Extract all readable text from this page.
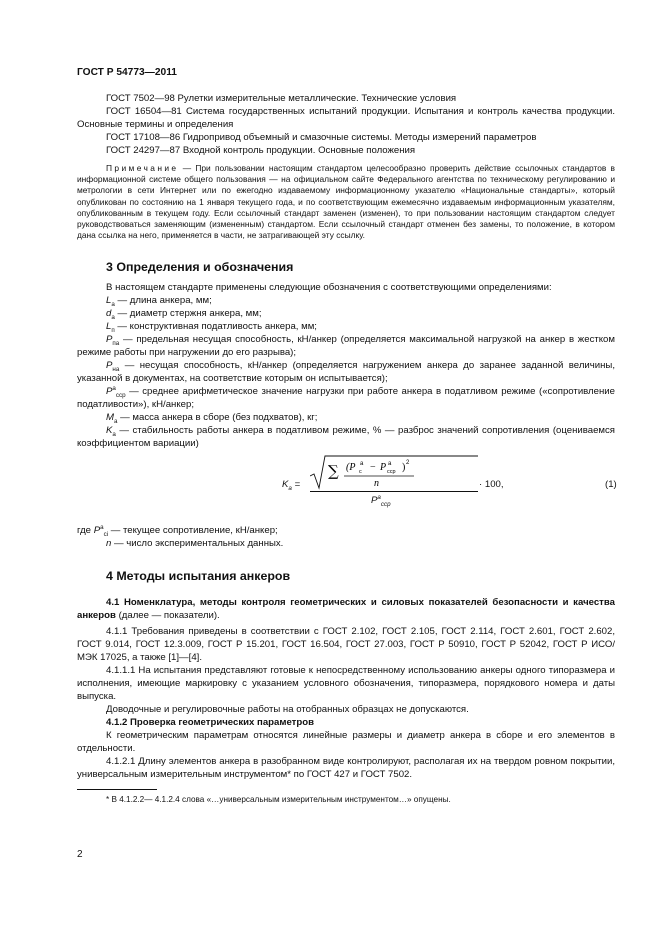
ГОСТ Р 54773—2011

ГОСТ 7502—98 Рулетки измерительные металлические. Технические условия

ГОСТ 16504—81 Система государственных испытаний продукции. Испытания и контроль качества продукции. Основные термины и определения

ГОСТ 17108—86 Гидропривод объемный и смазочные системы. Методы измерений параметров

ГОСТ 24297—87 Входной контроль продукции. Основные положения

Примечание — При пользовании настоящим стандартом целесообразно проверить действие ссылочных стандартов в информационной системе общего пользования — на официальном сайте Федерального агентства по техническому регулированию и метрологии в сети Интернет или по ежегодно издаваемому информационному указателю «Национальные стандарты», который опубликован по состоянию на 1 января текущего года, и по соответствующим ежемесячно издаваемым информационным указателям, опубликованным в текущем году. Если ссылочный стандарт заменен (изменен), то при пользовании настоящим стандартом следует руководствоваться заменяющим (измененным) стандартом. Если ссылочный стандарт отменен без замены, то положение, в котором дана ссылка на него, применяется в части, не затрагивающей эту ссылку.

3 Определения и обозначения

В настоящем стандарте применены следующие обозначения с соответствующими определениями:

$L_а$ — длина анкера, мм;

$d_а$ — диаметр стержня анкера, мм;

$L_п$ — конструктивная податливость анкера, мм;

$P_{па}$ — предельная несущая способность, кН/анкер (определяется максимальной нагрузкой на анкер в жестком режиме работы при нагружении до его разрыва);

$P_{на}$ — несущая способность, кН/анкер (определяется нагружением анкера до заранее заданной величины, указанной в документах, на соответствие которым он испытывается);

$P^а_{cср}$ — среднее арифметическое значение нагрузки при работе анкера в податливом режиме («сопротивление податливости»), кН/анкер;

$M_а$ — масса анкера в сборе (без подхватов), кг;

$K_а$ — стабильность работы анкера в податливом режиме, % — разброс значений сопротивления (оцениваемся коэффициентом вариации)

$K_а$ =
∑ (P а
c − P а
cср ) 2
n
$P^а_{cср}$
· 100,	(1)

где $P^а_{ci}$ — текущее сопротивление, кН/анкер;

n — число экспериментальных данных.

4 Методы испытания анкеров

4.1 Номенклатура, методы контроля геометрических и силовых показателей безопасности и качества анкеров (далее — показатели).

4.1.1 Требования приведены в соответствии с ГОСТ 2.102, ГОСТ 2.105, ГОСТ 2.114, ГОСТ 2.601, ГОСТ 2.602, ГОСТ 9.014, ГОСТ 12.3.009, ГОСТ Р 15.201, ГОСТ 16.504, ГОСТ 27.003, ГОСТ Р 50910, ГОСТ Р 52042, ГОСТ Р ИСО/МЭК 17025, а также [1]—[4].

4.1.1.1 На испытания представляют готовые к непосредственному использованию анкеры одного типоразмера и исполнения, имеющие маркировку с указанием условного обозначения, типоразмера, порядкового номера и даты выпуска.

Доводочные и регулировочные работы на отобранных образцах не допускаются.

4.1.2 Проверка геометрических параметров

К геометрическим параметрам относятся линейные размеры и диаметр анкера в сборе и его элементов в отдельности.

4.1.2.1 Длину элементов анкера в разобранном виде контролируют, располагая их на твердом ровном покрытии, универсальным измерительным инструментом* по ГОСТ 427 и ГОСТ 7502.

* В 4.1.2.2— 4.1.2.4 слова «…универсальным измерительным инструментом…» опущены.
2
